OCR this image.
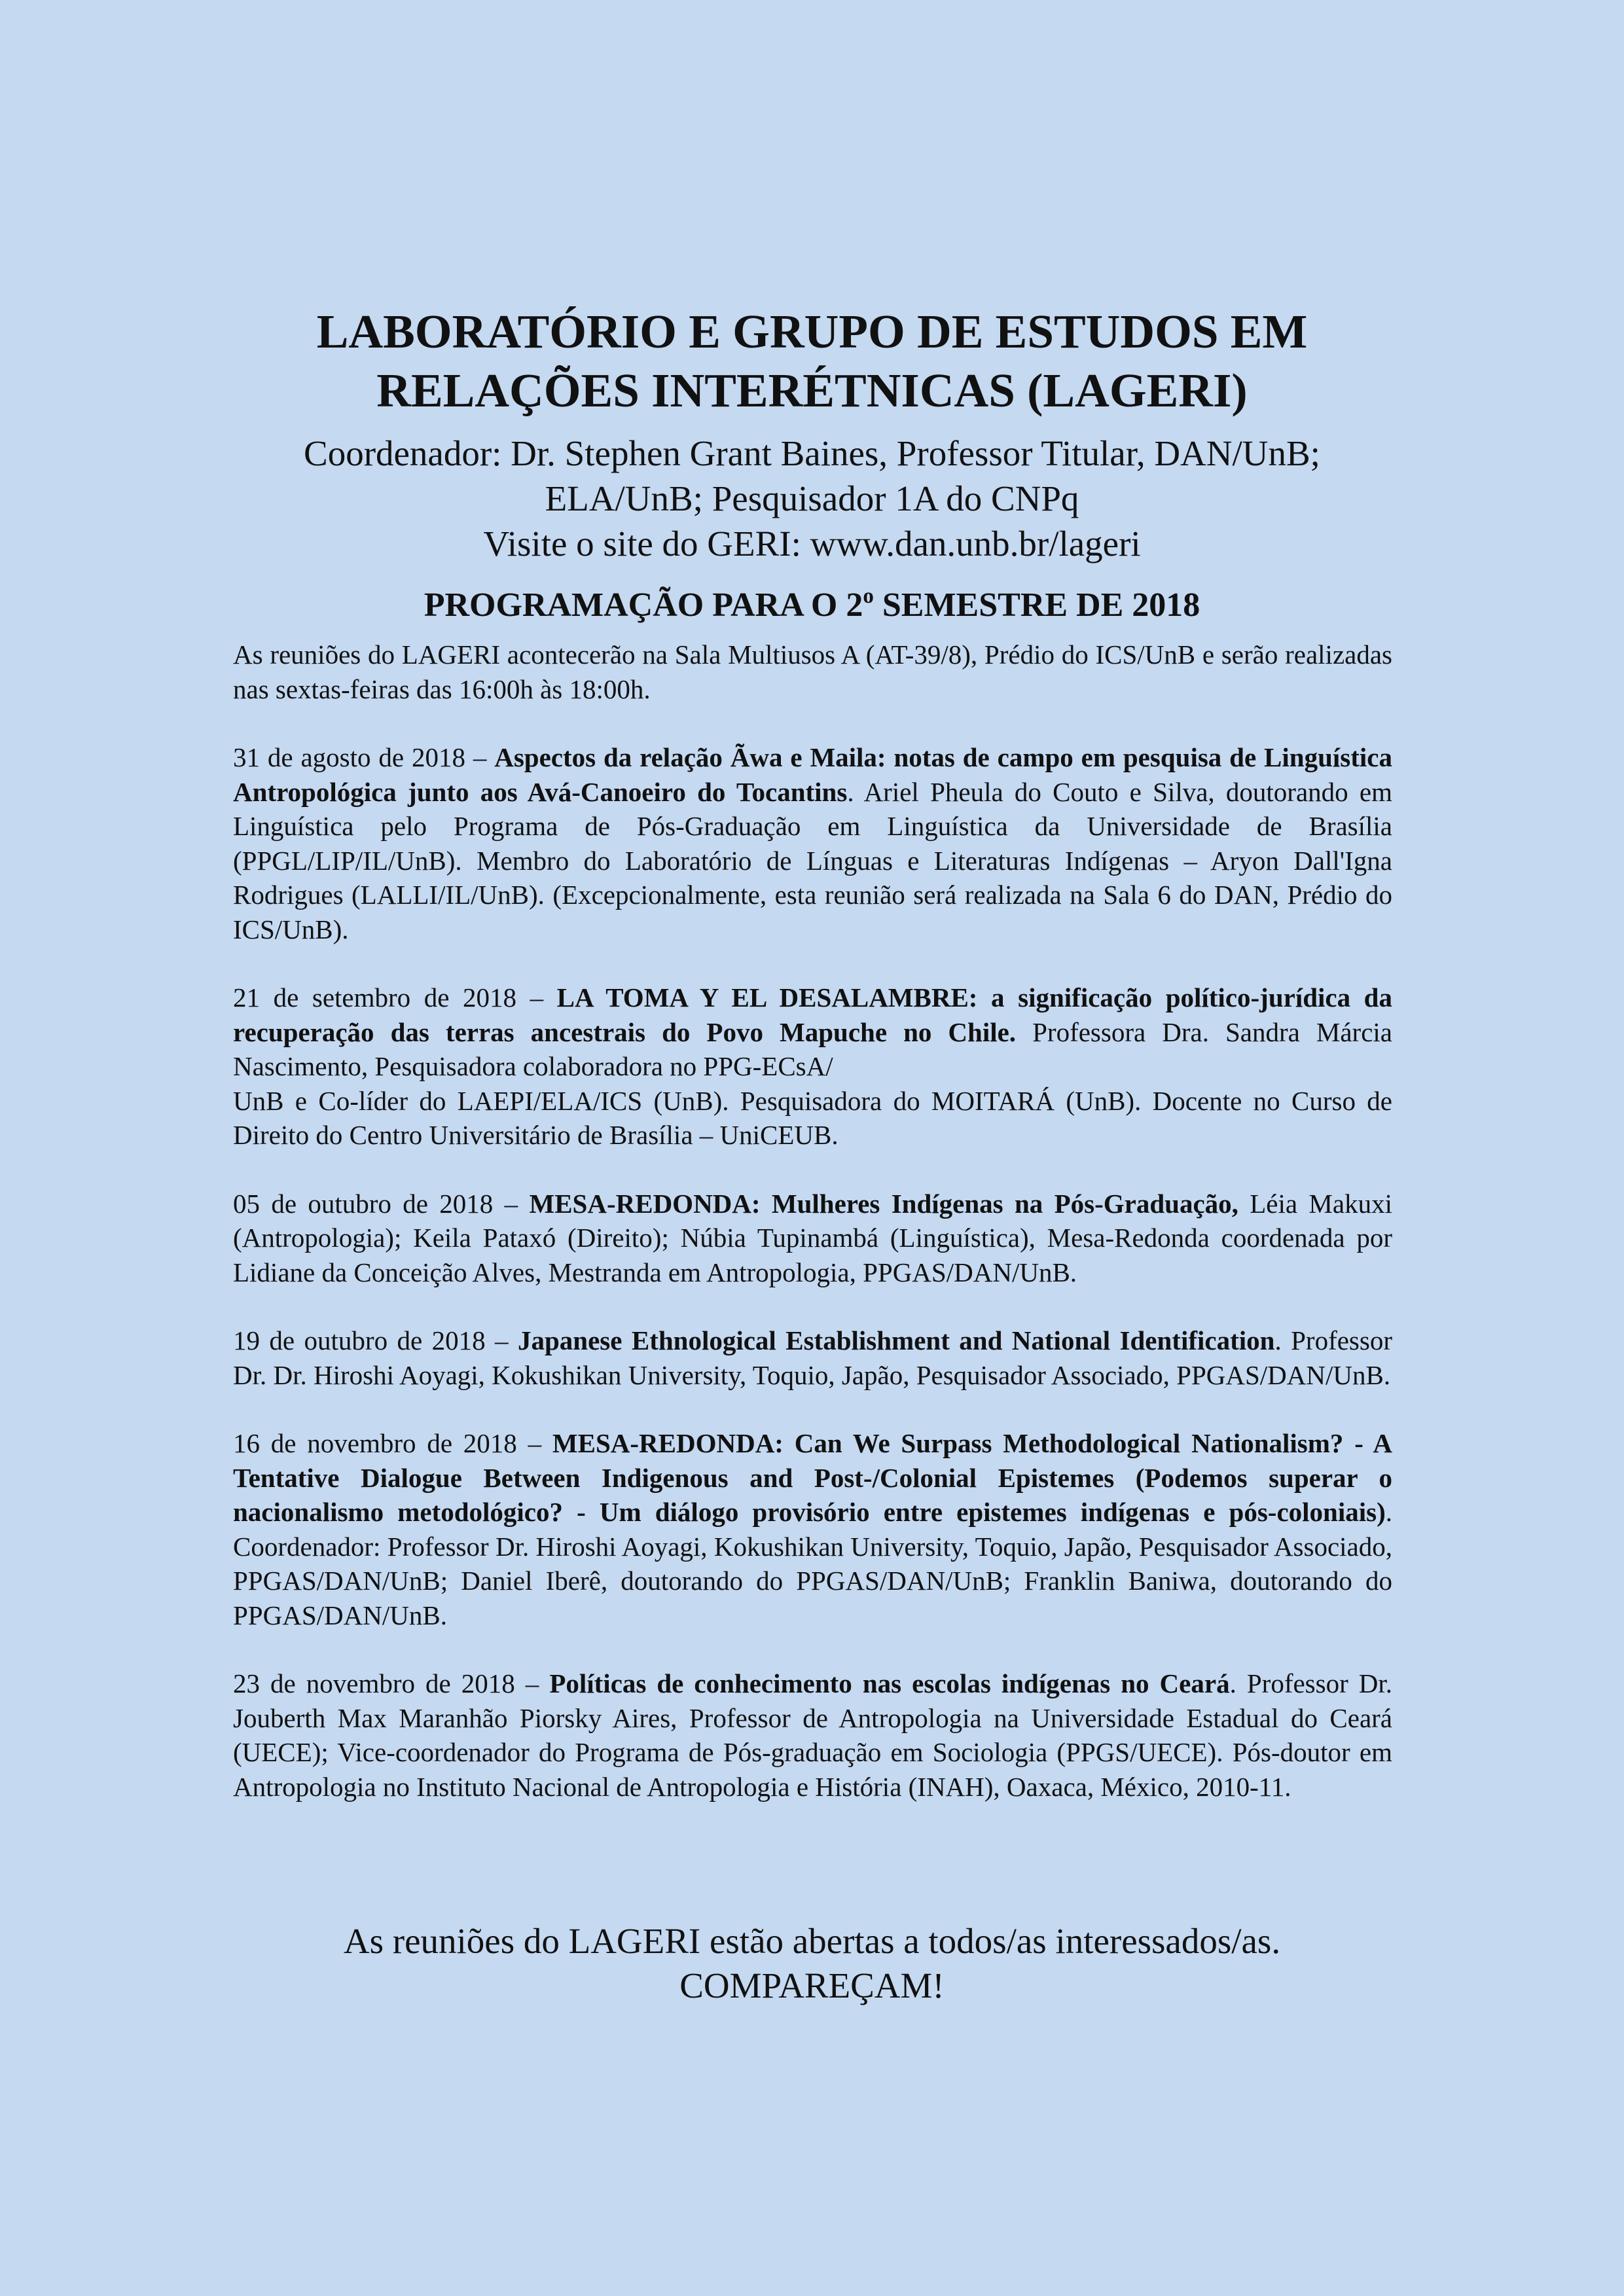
LABORATÓRIO E GRUPO DE ESTUDOS EM
RELAÇÕES INTERÉTNICAS (LAGERI)

Coordenador: Dr. Stephen Grant Baines, Professor Titular, DAN/UnB;

ELA/UnB; Pesquisador 1A do CNPq

Visite o site do GERI: www.dan.unb.br/lageri

PROGRAMAÇÃO PARA O 2$^o$ SEMESTRE DE 2018

As reuniões do LAGERI acontecerão na Sala Multiusos A (AT-39/8), Prédio do ICS/UnB e serão realizadas nas sextas-feiras das 16:00h às 18:00h.

31 de agosto de 2018 – Aspectos da relação Ãwa e Maila: notas de campo em pesquisa de Linguística Antropológica junto aos Avá-Canoeiro do Tocantins. Ariel Pheula do Couto e Silva, doutorando em Linguística pelo Programa de Pós-Graduação em Linguística da Universidade de Brasília (PPGL/LIP/IL/UnB). Membro do Laboratório de Línguas e Literaturas Indígenas – Aryon Dall'Igna Rodrigues (LALLI/IL/UnB). (Excepcionalmente, esta reunião será realizada na Sala 6 do DAN, Prédio do ICS/UnB).

21 de setembro de 2018 – LA TOMA Y EL DESALAMBRE: a significação político-jurídica da recuperação das terras ancestrais do Povo Mapuche no Chile. Professora Dra. Sandra Márcia Nascimento, Pesquisadora colaboradora no PPG-ECsA/
UnB e Co-líder do LAEPI/ELA/ICS (UnB). Pesquisadora do MOITARÁ (UnB). Docente no Curso de Direito do Centro Universitário de Brasília – UniCEUB.

05 de outubro de 2018 – MESA-REDONDA: Mulheres Indígenas na Pós-Graduação, Léia Makuxi (Antropologia); Keila Pataxó (Direito); Núbia Tupinambá (Linguística), Mesa-Redonda coordenada por Lidiane da Conceição Alves, Mestranda em Antropologia, PPGAS/DAN/UnB.

19 de outubro de 2018 – Japanese Ethnological Establishment and National Identification. Professor Dr. Dr. Hiroshi Aoyagi, Kokushikan University, Toquio, Japão, Pesquisador Associado, PPGAS/DAN/UnB.

16 de novembro de 2018 – MESA-REDONDA: Can We Surpass Methodological Nationalism? - A Tentative Dialogue Between Indigenous and Post-/Colonial Epistemes (Podemos superar o nacionalismo metodológico? - Um diálogo provisório entre epistemes indígenas e pós-coloniais). Coordenador: Professor Dr. Hiroshi Aoyagi, Kokushikan University, Toquio, Japão, Pesquisador Associado, PPGAS/DAN/UnB; Daniel Iberê, doutorando do PPGAS/DAN/UnB; Franklin Baniwa, doutorando do PPGAS/DAN/UnB.

23 de novembro de 2018 – Políticas de conhecimento nas escolas indígenas no Ceará. Professor Dr. Jouberth Max Maranhão Piorsky Aires, Professor de Antropologia na Universidade Estadual do Ceará (UECE); Vice-coordenador do Programa de Pós-graduação em Sociologia (PPGS/UECE). Pós-doutor em Antropologia no Instituto Nacional de Antropologia e História (INAH), Oaxaca, México, 2010-11.

As reuniões do LAGERI estão abertas a todos/as interessados/as.

COMPAREÇAM!
